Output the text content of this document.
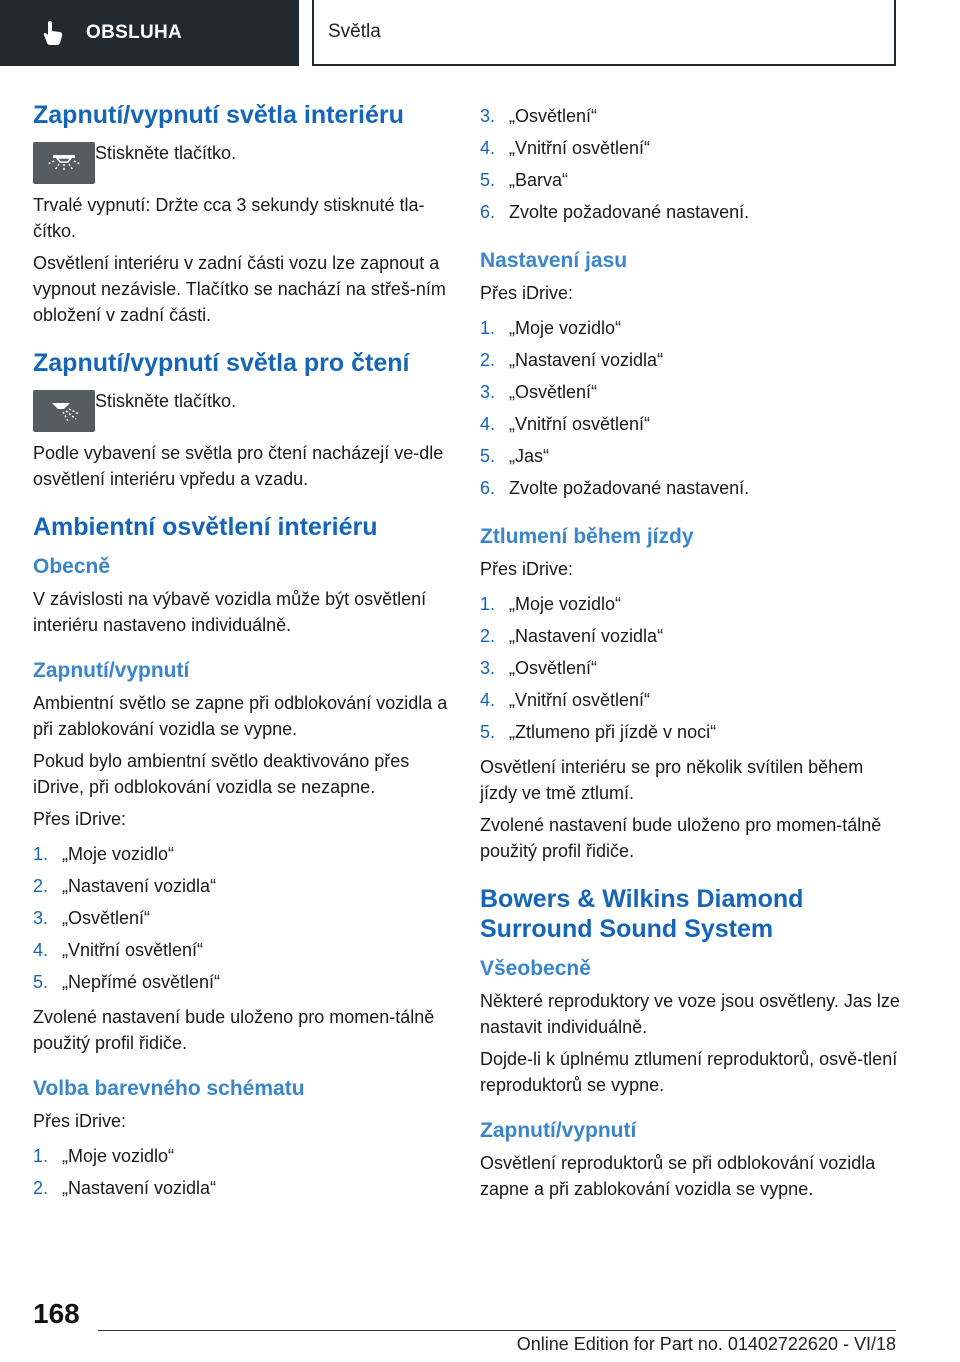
OBSLUHA	Světla
Zapnutí/vypnutí světla interiéru

Stiskněte tlačítko.

Trvalé vypnutí: Držte cca 3 sekundy stisknuté tla‐čítko.

Osvětlení interiéru v zadní části vozu lze zapnout a vypnout nezávisle. Tlačítko se nachází na střeš‐ním obložení v zadní části.

Zapnutí/vypnutí světla pro čtení

Stiskněte tlačítko.

Podle vybavení se světla pro čtení nacházejí ve‐dle osvětlení interiéru vpředu a vzadu.

Ambientní osvětlení interiéru
Obecně

V závislosti na výbavě vozidla může být osvětlení interiéru nastaveno individuálně.

Zapnutí/vypnutí

Ambientní světlo se zapne při odblokování vozidla a při zablokování vozidla se vypne.

Pokud bylo ambientní světlo deaktivováno přes iDrive, při odblokování vozidla se nezapne.

Přes iDrive:

1. „Moje vozidlo“
2. „Nastavení vozidla“
3. „Osvětlení“
4. „Vnitřní osvětlení“
5. „Nepřímé osvětlení“

Zvolené nastavení bude uloženo pro momen‐tálně použitý profil řidiče.

Volba barevného schématu

Přes iDrive:

1. „Moje vozidlo“
2. „Nastavení vozidla“
3. „Osvětlení“
4. „Vnitřní osvětlení“
5. „Barva“
6. Zvolte požadované nastavení.
Nastavení jasu

Přes iDrive:

1. „Moje vozidlo“
2. „Nastavení vozidla“
3. „Osvětlení“
4. „Vnitřní osvětlení“
5. „Jas“
6. Zvolte požadované nastavení.
Ztlumení během jízdy

Přes iDrive:

1. „Moje vozidlo“
2. „Nastavení vozidla“
3. „Osvětlení“
4. „Vnitřní osvětlení“
5. „Ztlumeno při jízdě v noci“

Osvětlení interiéru se pro několik svítilen během jízdy ve tmě ztlumí.

Zvolené nastavení bude uloženo pro momen‐tálně použitý profil řidiče.

Bowers & Wilkins Diamond Surround Sound System
Všeobecně

Některé reproduktory ve voze jsou osvětleny. Jas lze nastavit individuálně.

Dojde-li k úplnému ztlumení reproduktorů, osvě‐tlení reproduktorů se vypne.

Zapnutí/vypnutí

Osvětlení reproduktorů se při odblokování vozidla zapne a při zablokování vozidla se vypne.

168
Online Edition for Part no. 01402722620 - VI/18
